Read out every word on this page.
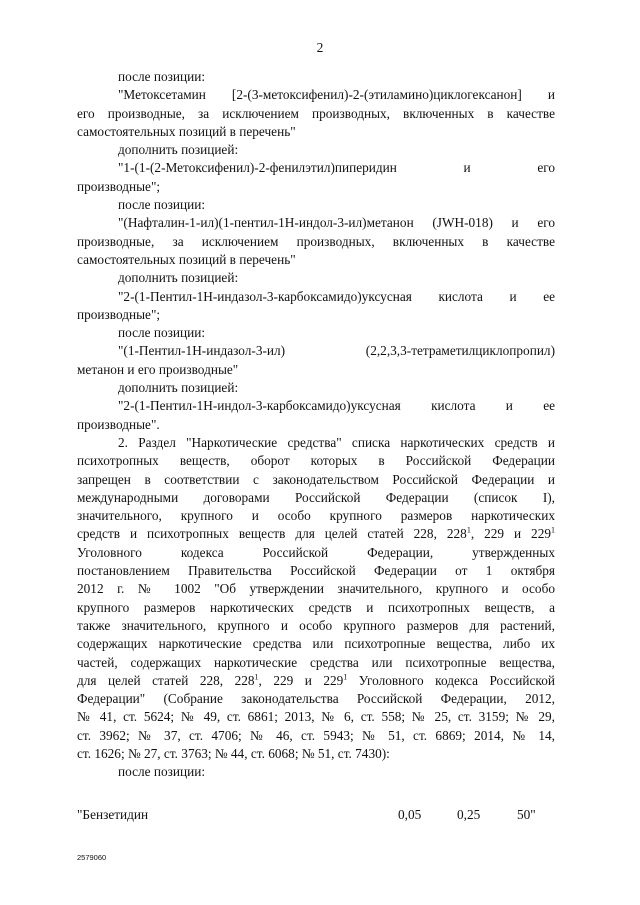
2

после позиции:

"Метоксетамин [2-(3-метоксифенил)-2-(этиламино)циклогексанон] и

его производные, за исключением производных, включенных в качестве

самостоятельных позиций в перечень"

дополнить позицией:

"1-(1-(2-Метоксифенил)-2-фенилэтил)пиперидин и его

производные";

после позиции:

"(Нафталин-1-ил)(1-пентил-1Н-индол-3-ил)метанон (JWH-018) и его

производные, за исключением производных, включенных в качестве

самостоятельных позиций в перечень"

дополнить позицией:

"2-(1-Пентил-1Н-индазол-3-карбоксамидо)уксусная кислота и ее

производные";

после позиции:

"(1-Пентил-1Н-индазол-3-ил) (2,2,3,3-тетраметилциклопропил)

метанон и его производные"

дополнить позицией:

"2-(1-Пентил-1Н-индол-3-карбоксамидо)уксусная кислота и ее

производные".

2. Раздел "Наркотические средства" списка наркотических средств и

психотропных веществ, оборот которых в Российской Федерации

запрещен в соответствии с законодательством Российской Федерации и

международными договорами Российской Федерации (список I),

значительного, крупного и особо крупного размеров наркотических

средств и психотропных веществ для целей статей 228, $228^1$, 229 и $229^1$

Уголовного кодекса Российской Федерации, утвержденных

постановлением Правительства Российской Федерации от 1 октября

2012 г. № 1002 "Об утверждении значительного, крупного и особо

крупного размеров наркотических средств и психотропных веществ, а

также значительного, крупного и особо крупного размеров для растений,

содержащих наркотические средства или психотропные вещества, либо их

частей, содержащих наркотические средства или психотропные вещества,

для целей статей 228, $228^1$, 229 и $229^1$ Уголовного кодекса Российской

Федерации" (Собрание законодательства Российской Федерации, 2012,

№ 41, ст. 5624; № 49, ст. 6861; 2013, № 6, ст. 558; № 25, ст. 3159; № 29,

ст. 3962; № 37, ст. 4706; № 46, ст. 5943; № 51, ст. 6869; 2014, № 14,

ст. 1626; № 27, ст. 3763; № 44, ст. 6068; № 51, ст. 7430):

после позиции:

"Бензетидин	0,05	0,25	50"
2579060
